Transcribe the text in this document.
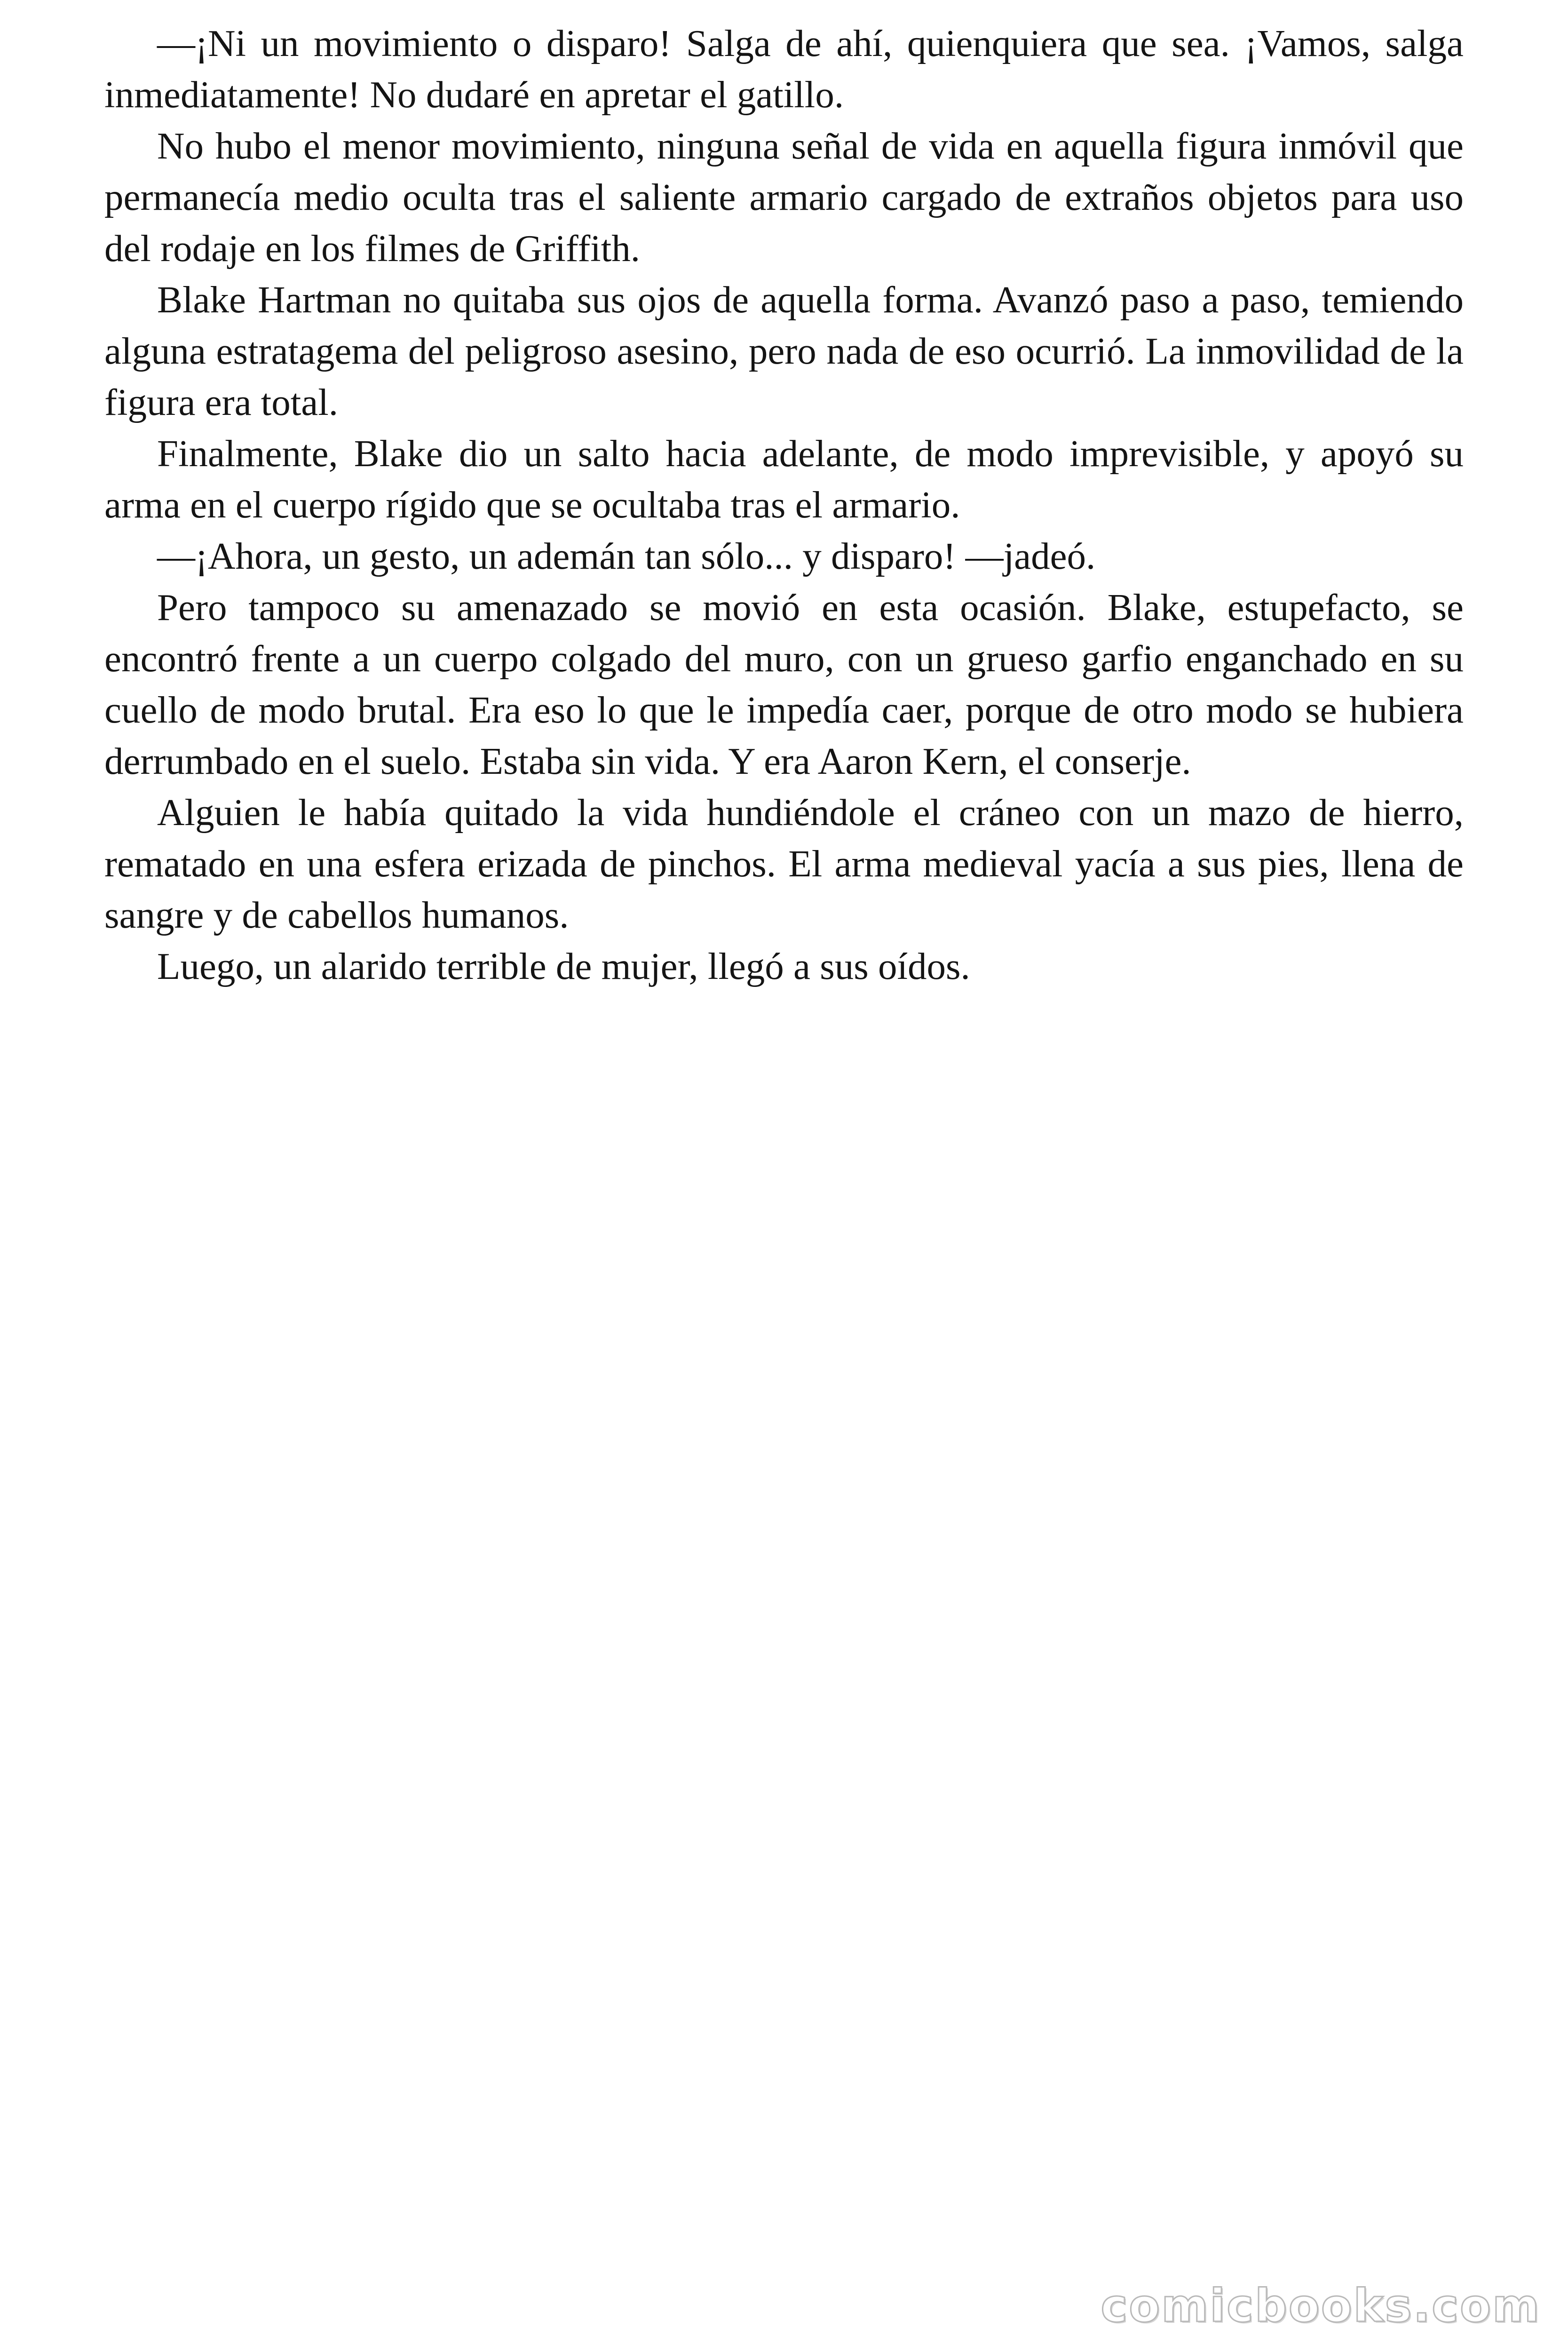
—¡Ni un movimiento o disparo! Salga de ahí, quienquiera que sea. ¡Vamos, salga inmediatamente! No dudaré en apretar el gatillo.

No hubo el menor movimiento, ninguna señal de vida en aquella figura inmóvil que permanecía medio oculta tras el saliente armario cargado de extraños objetos para uso del rodaje en los filmes de Griffith.

Blake Hartman no quitaba sus ojos de aquella forma. Avanzó paso a paso, temiendo alguna estratagema del peligroso asesino, pero nada de eso ocurrió. La inmovilidad de la figura era total.

Finalmente, Blake dio un salto hacia adelante, de modo imprevisible, y apoyó su arma en el cuerpo rígido que se ocultaba tras el armario.

—¡Ahora, un gesto, un ademán tan sólo... y disparo! —jadeó.

Pero tampoco su amenazado se movió en esta ocasión. Blake, estupefacto, se encontró frente a un cuerpo colgado del muro, con un grueso garfio enganchado en su cuello de modo brutal. Era eso lo que le impedía caer, porque de otro modo se hubiera derrumbado en el suelo. Estaba sin vida. Y era Aaron Kern, el conserje.

Alguien le había quitado la vida hundiéndole el cráneo con un mazo de hierro, rematado en una esfera erizada de pinchos. El arma medieval yacía a sus pies, llena de sangre y de cabellos humanos.

Luego, un alarido terrible de mujer, llegó a sus oídos.

comicbooks.com
